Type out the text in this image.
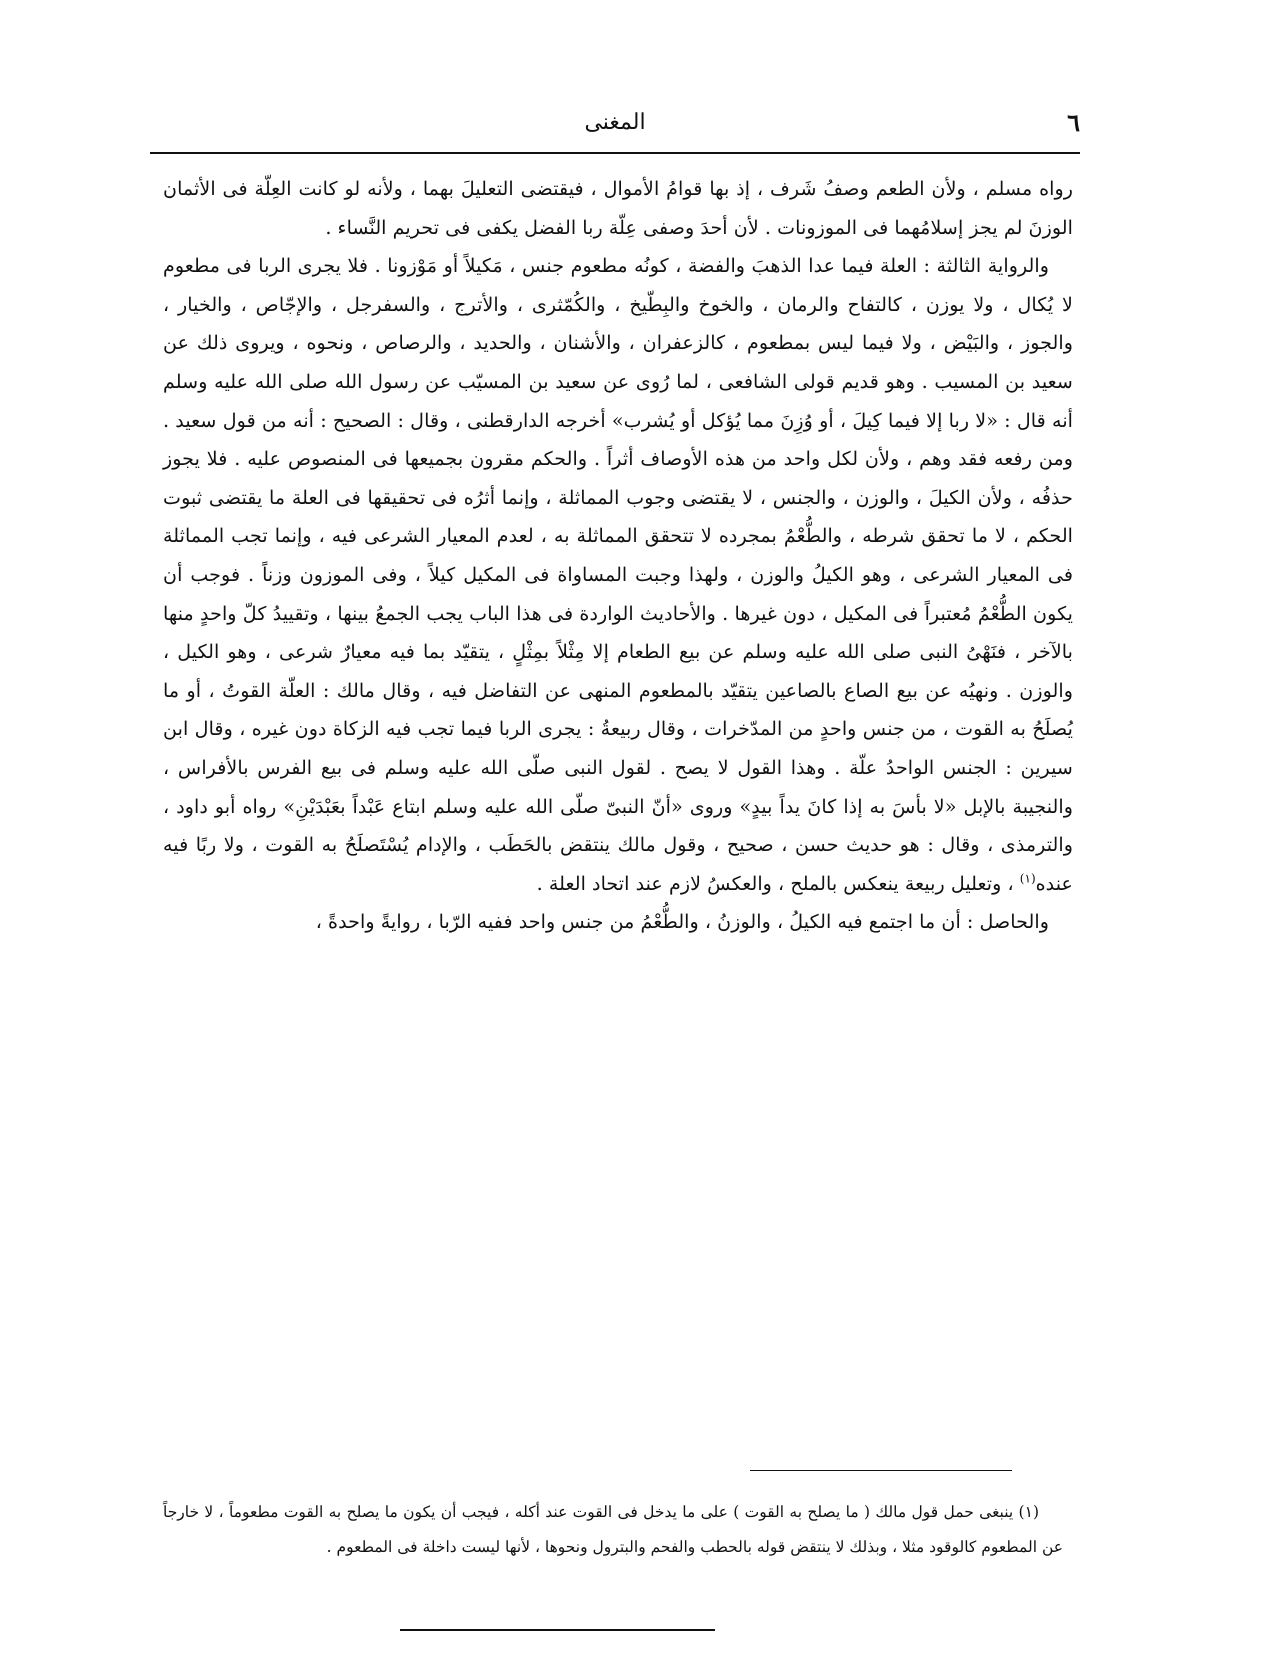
٦
المغنى

رواه مسلم ، ولأن الطعم وصفُ شَرف ، إذ بها قوامُ الأموال ، فيقتضى التعليلَ بهما ، ولأنه لو كانت العِلّة فى الأثمان الوزنَ لم يجز إسلامُهما فى الموزونات . لأن أحدَ وصفى عِلّة ربا الفضل يكفى فى تحريم النَّساء .

والرواية الثالثة : العلة فيما عدا الذهبَ والفضة ، كونُه مطعوم جنس ، مَكيلاً أو مَوْزونا . فلا يجرى الربا فى مطعوم لا يُكال ، ولا يوزن ، كالتفاح والرمان ، والخوخ والبِطّيخ ، والكُمّثرى ، والأترج ، والسفرجل ، والإجّاص ، والخيار ، والجوز ، والبَيْض ، ولا فيما ليس بمطعوم ، كالزعفران ، والأشنان ، والحديد ، والرصاص ، ونحوه ، ويروى ذلك عن سعيد بن المسيب . وهو قديم قولى الشافعى ، لما رُوى عن سعيد بن المسيّب عن رسول الله صلى الله عليه وسلم أنه قال : «لا ربا إلا فيما كِيلَ ، أو وُزِنَ مما يُؤكل أو يُشرب» أخرجه الدارقطنى ، وقال : الصحيح : أنه من قول سعيد . ومن رفعه فقد وهم ، ولأن لكل واحد من هذه الأوصاف أثراً . والحكم مقرون بجميعها فى المنصوص عليه . فلا يجوز حذفُه ، ولأن الكيلَ ، والوزن ، والجنس ، لا يقتضى وجوب المماثلة ، وإنما أثرُه فى تحقيقها فى العلة ما يقتضى ثبوت الحكم ، لا ما تحقق شرطه ، والطُّعْمُ بمجرده لا تتحقق المماثلة به ، لعدم المعيار الشرعى فيه ، وإنما تجب المماثلة فى المعيار الشرعى ، وهو الكيلُ والوزن ، ولهذا وجبت المساواة فى المكيل كيلاً ، وفى الموزون وزناً . فوجب أن يكون الطُّعْمُ مُعتبراً فى المكيل ، دون غيرها . والأحاديث الواردة فى هذا الباب يجب الجمعُ بينها ، وتقييدُ كلّ واحدٍ منها بالآخر ، فنَهْىُ النبى صلى الله عليه وسلم عن بيع الطعام إلا مِثْلاً بمِثْلٍ ، يتقيّد بما فيه معيارٌ شرعى ، وهو الكيل ، والوزن . ونهيُه عن بيع الصاع بالصاعين يتقيّد بالمطعوم المنهى عن التفاضل فيه ، وقال مالك : العلّة القوتُ ، أو ما يُصلَحُ به القوت ، من جنس واحدٍ من المدّخرات ، وقال ربيعةُ : يجرى الربا فيما تجب فيه الزكاة دون غيره ، وقال ابن سيرين : الجنس الواحدُ علّة . وهذا القول لا يصح . لقول النبى صلّى الله عليه وسلم فى بيع الفرس بالأفراس ، والنجيبة بالإبل «لا بأسَ به إذا كانَ يداً بيدٍ» وروى «أنّ النبىّ صلّى الله عليه وسلم ابتاع عَبْداً بعَبْدَيْنِ» رواه أبو داود ، والترمذى ، وقال : هو حديث حسن ، صحيح ، وقول مالك ينتقض بالحَطَب ، والإدام يُسْتَصلَحُ به القوت ، ولا ربًا فيه عنده$^{(١)}$ ، وتعليل ربيعة ينعكس بالملح ، والعكسُ لازم عند اتحاد العلة .

والحاصل : أن ما اجتمع فيه الكيلُ ، والوزنُ ، والطُّعْمُ من جنس واحد ففيه الرّبا ، روايةً واحدةً ،

(١) ينبغى حمل قول مالك ( ما يصلح به القوت ) على ما يدخل فى القوت عند أكله ، فيجب أن يكون ما يصلح به القوت مطعوماً ، لا خارجاً عن المطعوم كالوقود مثلا ، وبذلك لا ينتقض قوله بالحطب والفحم والبترول ونحوها ، لأنها ليست داخلة فى المطعوم .
